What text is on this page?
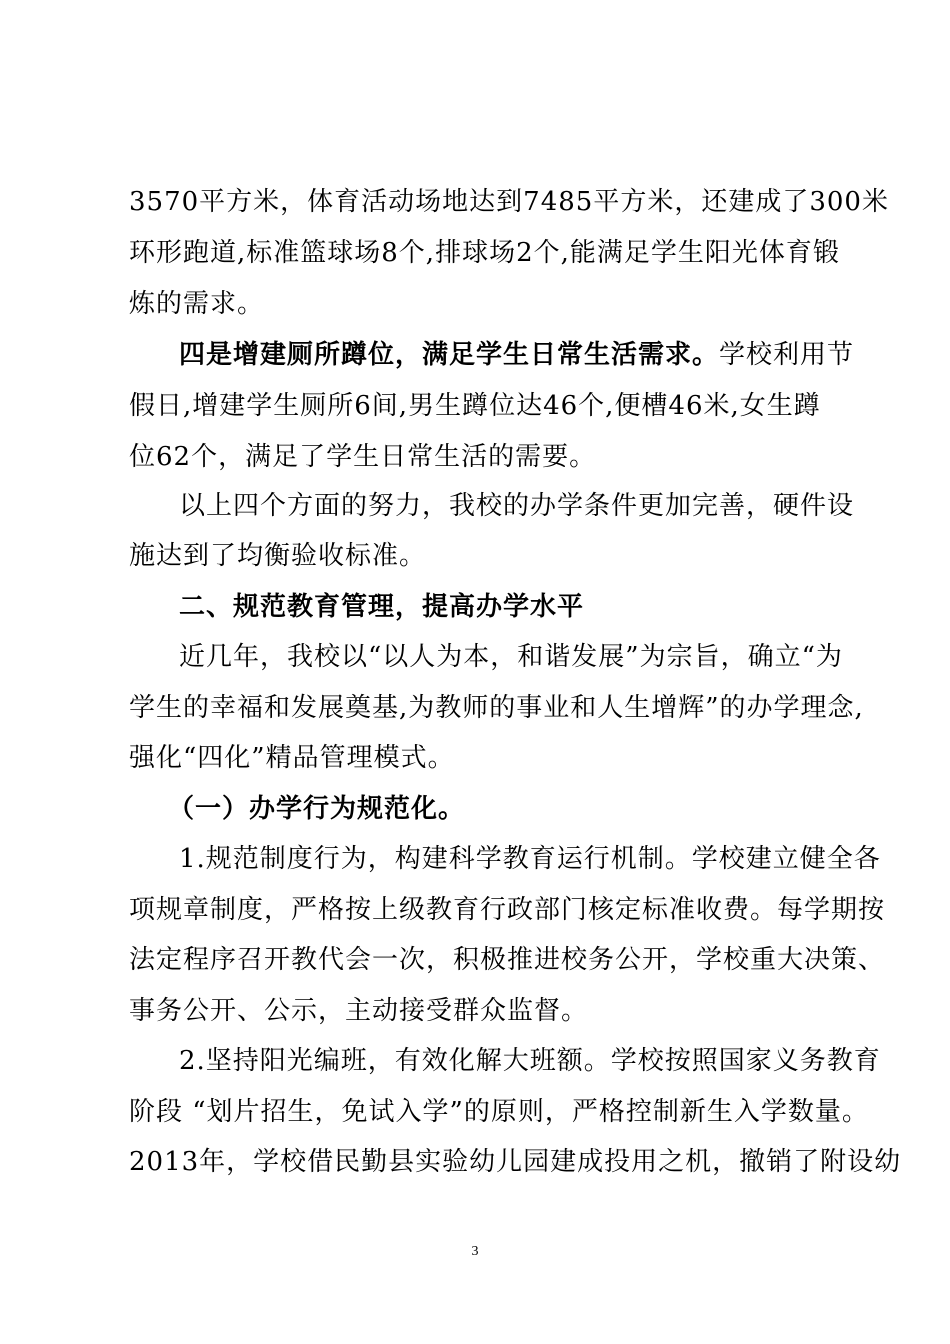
3570平方米，体育活动场地达到7485平方米，还建成了300米
环形跑道,标准篮球场8个,排球场2个,能满足学生阳光体育锻
炼的需求。
四是增建厕所蹲位，满足学生日常生活需求。学校利用节
假日,增建学生厕所6间,男生蹲位达46个,便槽46米,女生蹲
位62个，满足了学生日常生活的需要。
以上四个方面的努力，我校的办学条件更加完善，硬件设
施达到了均衡验收标准。
二、规范教育管理，提高办学水平
近几年，我校以“以人为本，和谐发展”为宗旨，确立“为
学生的幸福和发展奠基,为教师的事业和人生增辉”的办学理念,
强化“四化”精品管理模式。
（一）办学行为规范化。
1.规范制度行为，构建科学教育运行机制。学校建立健全各
项规章制度，严格按上级教育行政部门核定标准收费。每学期按
法定程序召开教代会一次，积极推进校务公开，学校重大决策、
事务公开、公示，主动接受群众监督。
2.坚持阳光编班，有效化解大班额。学校按照国家义务教育
阶段 “划片招生，免试入学”的原则，严格控制新生入学数量。
2013年，学校借民勤县实验幼儿园建成投用之机，撤销了附设幼
3
